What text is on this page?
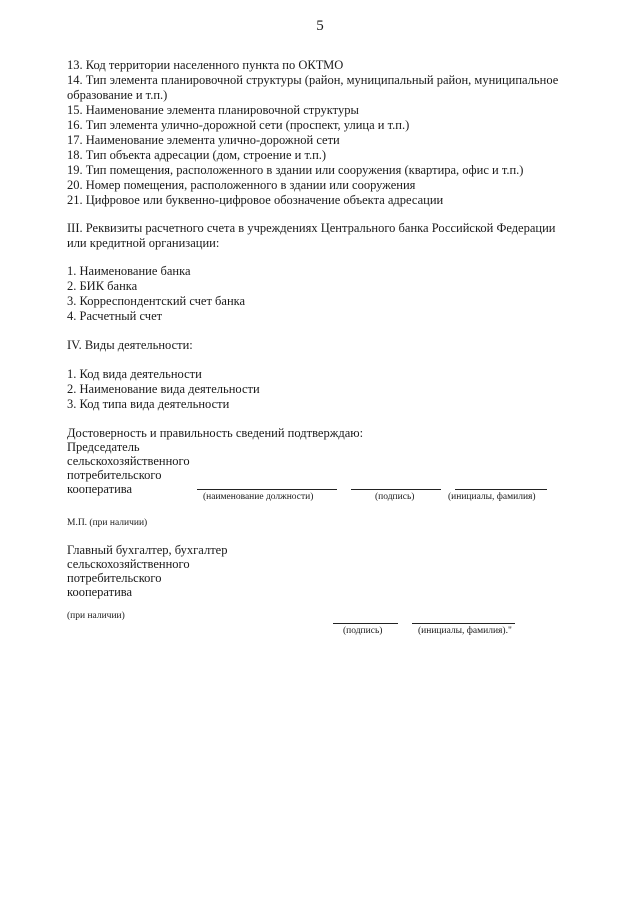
5
13. Код территории населенного пункта по ОКТМО
14. Тип элемента планировочной структуры (район, муниципальный район, муниципальное
образование и т.п.)
15. Наименование элемента планировочной структуры
16. Тип элемента улично-дорожной сети (проспект, улица и т.п.)
17. Наименование элемента улично-дорожной сети
18. Тип объекта адресации (дом, строение и т.п.)
19. Тип помещения, расположенного в здании или сооружения (квартира, офис и т.п.)
20. Номер помещения, расположенного в здании или сооружения
21. Цифровое или буквенно-цифровое обозначение объекта адресации
III. Реквизиты расчетного счета в учреждениях Центрального банка Российской Федерации
или кредитной организации:
1. Наименование банка
2. БИК банка
3. Корреспондентский счет банка
4. Расчетный счет
IV. Виды деятельности:
1. Код вида деятельности
2. Наименование вида деятельности
3. Код типа вида деятельности
Достоверность и правильность сведений подтверждаю:
Председатель
сельскохозяйственного
потребительского
кооператива
(наименование должности)	(подпись)	(инициалы, фамилия)
М.П. (при наличии)
Главный бухгалтер, бухгалтер
сельскохозяйственного
потребительского
кооператива
(при наличии)
(подпись)	(инициалы, фамилия)."
